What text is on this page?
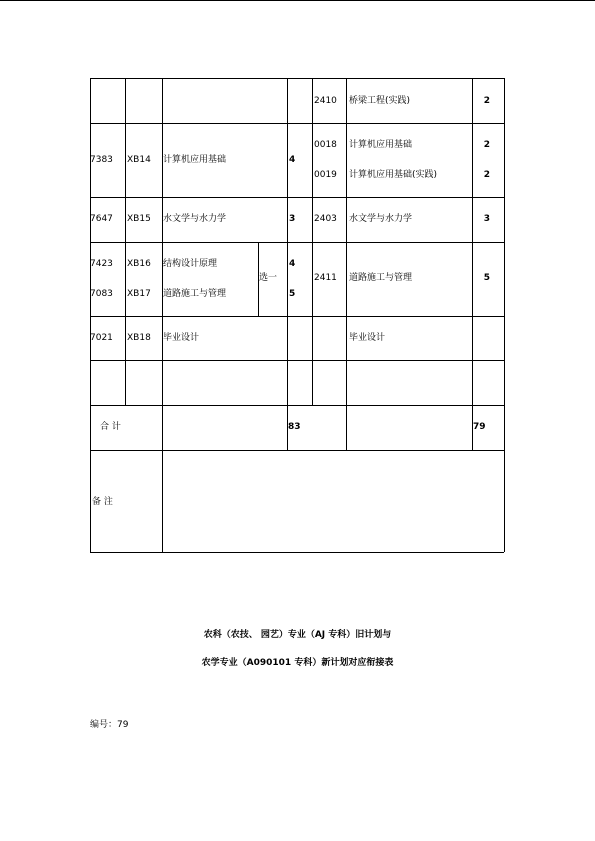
2410 桥梁工程(实践)	2
7383 XB14 计算机应用基础	4
0018 计算机应用基础	2
0019 计算机应用基础(实践)	2
7647 XB15 水文学与水力学	3 2403 水文学与水力学	3
7423 XB16 结构设计原理	4
7083 XB17 道路施工与管理	5
选一	2411 道路施工与管理	5
7021 XB18 毕业设计	毕业设计
合 计	83	79
备 注
农科（农技、 园艺）专业（AJ 专科）旧计划与
农学专业（A090101 专科）新计划对应衔接表
编号：79
